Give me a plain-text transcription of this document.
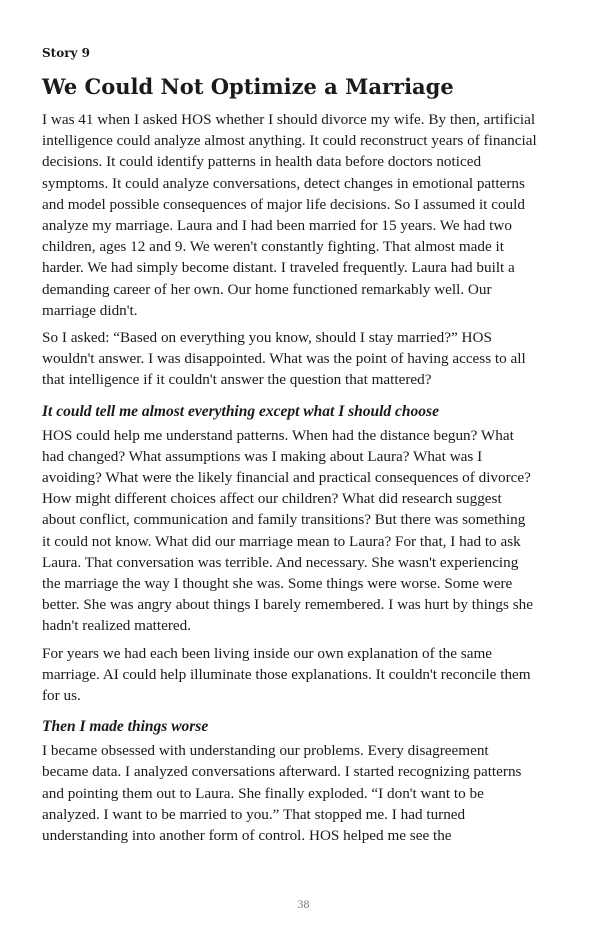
Story 9
We Could Not Optimize a Marriage

I was 41 when I asked HOS whether I should divorce my wife. By then, artificial intelligence could analyze almost anything. It could reconstruct years of financial decisions. It could identify patterns in health data before doctors noticed symptoms. It could analyze conversations, detect changes in emotional patterns and model possible consequences of major life decisions. So I assumed it could analyze my marriage. Laura and I had been married for 15 years. We had two children, ages 12 and 9. We weren't constantly fighting. That almost made it harder. We had simply become distant. I traveled frequently. Laura had built a demanding career of her own. Our home functioned remarkably well. Our marriage didn't.

So I asked: “Based on everything you know, should I stay married?” HOS wouldn't answer. I was disappointed. What was the point of having access to all that intelligence if it couldn't answer the question that mattered?

It could tell me almost everything except what I should choose

HOS could help me understand patterns. When had the distance begun? What had changed? What assumptions was I making about Laura? What was I avoiding? What were the likely financial and practical consequences of divorce? How might different choices affect our children? What did research suggest about conflict, communication and family transitions? But there was something it could not know. What did our marriage mean to Laura? For that, I had to ask Laura. That conversation was terrible. And necessary. She wasn't experiencing the marriage the way I thought she was. Some things were worse. Some were better. She was angry about things I barely remembered. I was hurt by things she hadn't realized mattered.

For years we had each been living inside our own explanation of the same marriage. AI could help illuminate those explanations. It couldn't reconcile them for us.

Then I made things worse

I became obsessed with understanding our problems. Every disagreement became data. I analyzed conversations afterward. I started recognizing patterns and pointing them out to Laura. She finally exploded. “I don't want to be analyzed. I want to be married to you.” That stopped me. I had turned understanding into another form of control. HOS helped me see the

38
